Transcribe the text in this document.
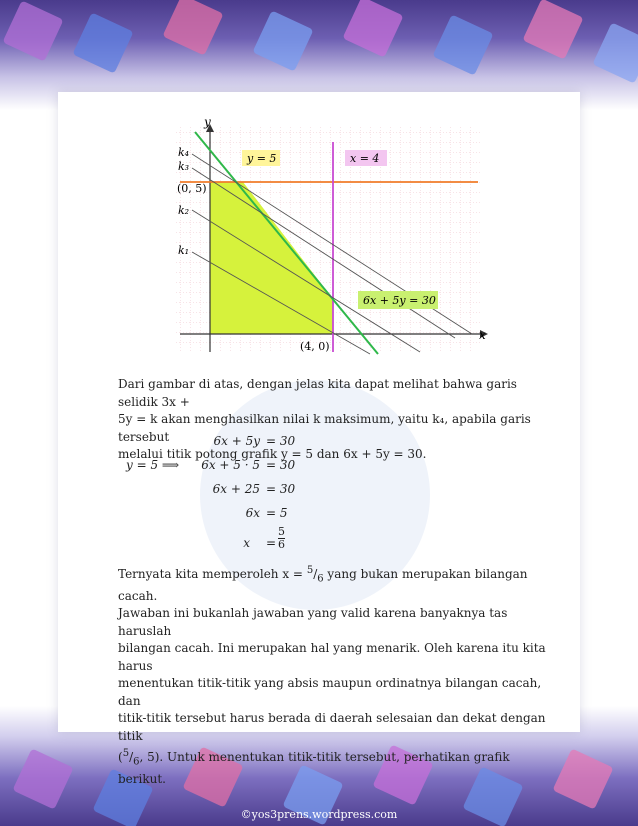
y
x
k₄
k₃
(0, 5)
k₂
k₁
(4, 0)
y = 5	x = 4
6x + 5y = 30
Dari gambar di atas, dengan jelas kita dapat melihat bahwa garis selidik 3x +
5y = k akan menghasilkan nilai k maksimum, yaitu k₄, apabila garis tersebut
melalui titik potong grafik y = 5 dan 6x + 5y = 30.
6x + 5y = 30
y = 5 ⟹	6x + 5 · 5 = 30
6x + 25 = 30
6x = 5
$x = \frac{5}{6}$
Ternyata kita memperoleh $x = ^5/_6$ yang bukan merupakan bilangan cacah.
Jawaban ini bukanlah jawaban yang valid karena banyaknya tas haruslah
bilangan cacah. Ini merupakan hal yang menarik. Oleh karena itu kita harus
menentukan titik-titik yang absis maupun ordinatnya bilangan cacah, dan
titik-titik tersebut harus berada di daerah selesaian dan dekat dengan titik
($^5/_6$, 5). Untuk menentukan titik-titik tersebut, perhatikan grafik berikut.
©yos3prens.wordpress.com
